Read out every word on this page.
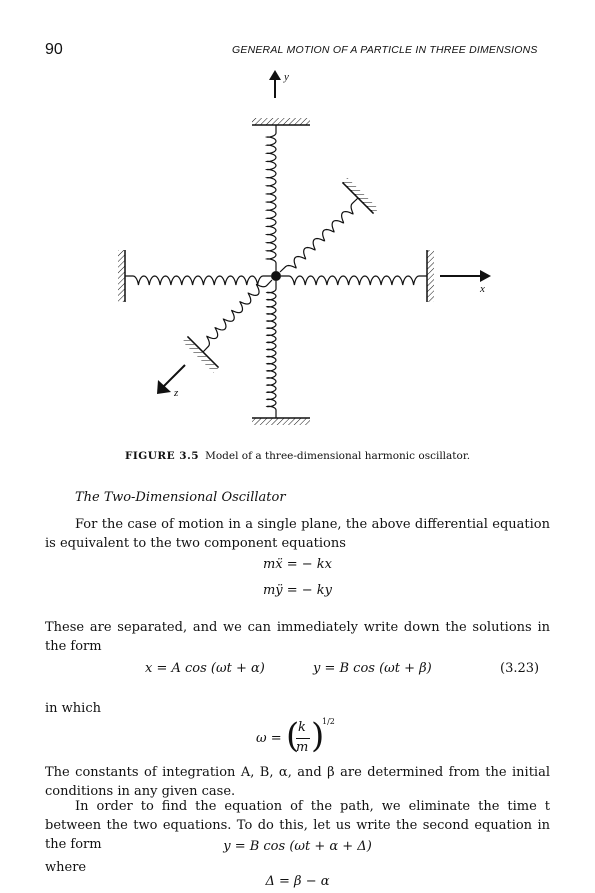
90	GENERAL MOTION OF A PARTICLE IN THREE DIMENSIONS
y
x
z
FIGURE 3.5 Model of a three-dimensional harmonic oscillator.
The Two-Dimensional Oscillator
For the case of motion in a single plane, the above differential equation is equivalent to the two component equations
mẍ = − kx
mÿ = − ky
These are separated, and we can immediately write down the solutions in the form
x = A cos (ωt + α)	y = B cos (ωt + β)	(3.23)
in which
ω = (
k
m )
1/2
The constants of integration A, B, α, and β are determined from the initial conditions in any given case.
In order to find the equation of the path, we eliminate the time t between the two equations. To do this, let us write the second equation in the form	y = B cos (ωt + α + Δ)
where
Δ = β − α
